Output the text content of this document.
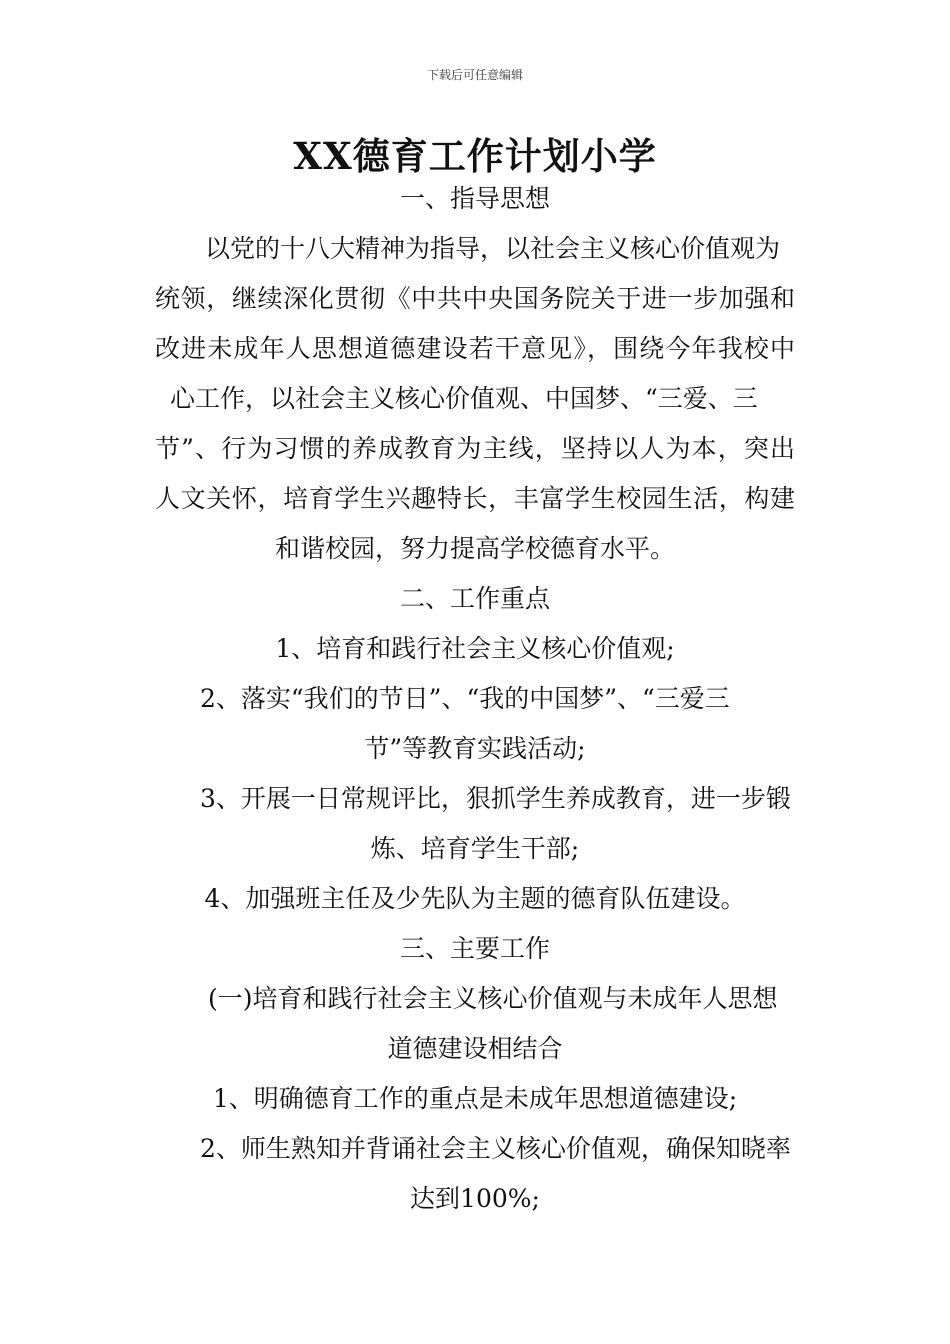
下载后可任意编辑
XX德育工作计划小学
一、指导思想
以党的十八大精神为指导，以社会主义核心价值观为
统领，继续深化贯彻《中共中央国务院关于进一步加强和
改进未成年人思想道德建设若干意见》，围绕今年我校中
心工作，以社会主义核心价值观、中国梦、“三爱、三
节”、行为习惯的养成教育为主线，坚持以人为本，突出
人文关怀，培育学生兴趣特长，丰富学生校园生活，构建
和谐校园，努力提高学校德育水平。
二、工作重点
1、培育和践行社会主义核心价值观;
2、落实“我们的节日”、“我的中国梦”、“三爱三
节”等教育实践活动;
3、开展一日常规评比，狠抓学生养成教育，进一步锻
炼、培育学生干部;
4、加强班主任及少先队为主题的德育队伍建设。
三、主要工作
(一)培育和践行社会主义核心价值观与未成年人思想
道德建设相结合
1、明确德育工作的重点是未成年思想道德建设;
2、师生熟知并背诵社会主义核心价值观，确保知晓率
达到100%;
